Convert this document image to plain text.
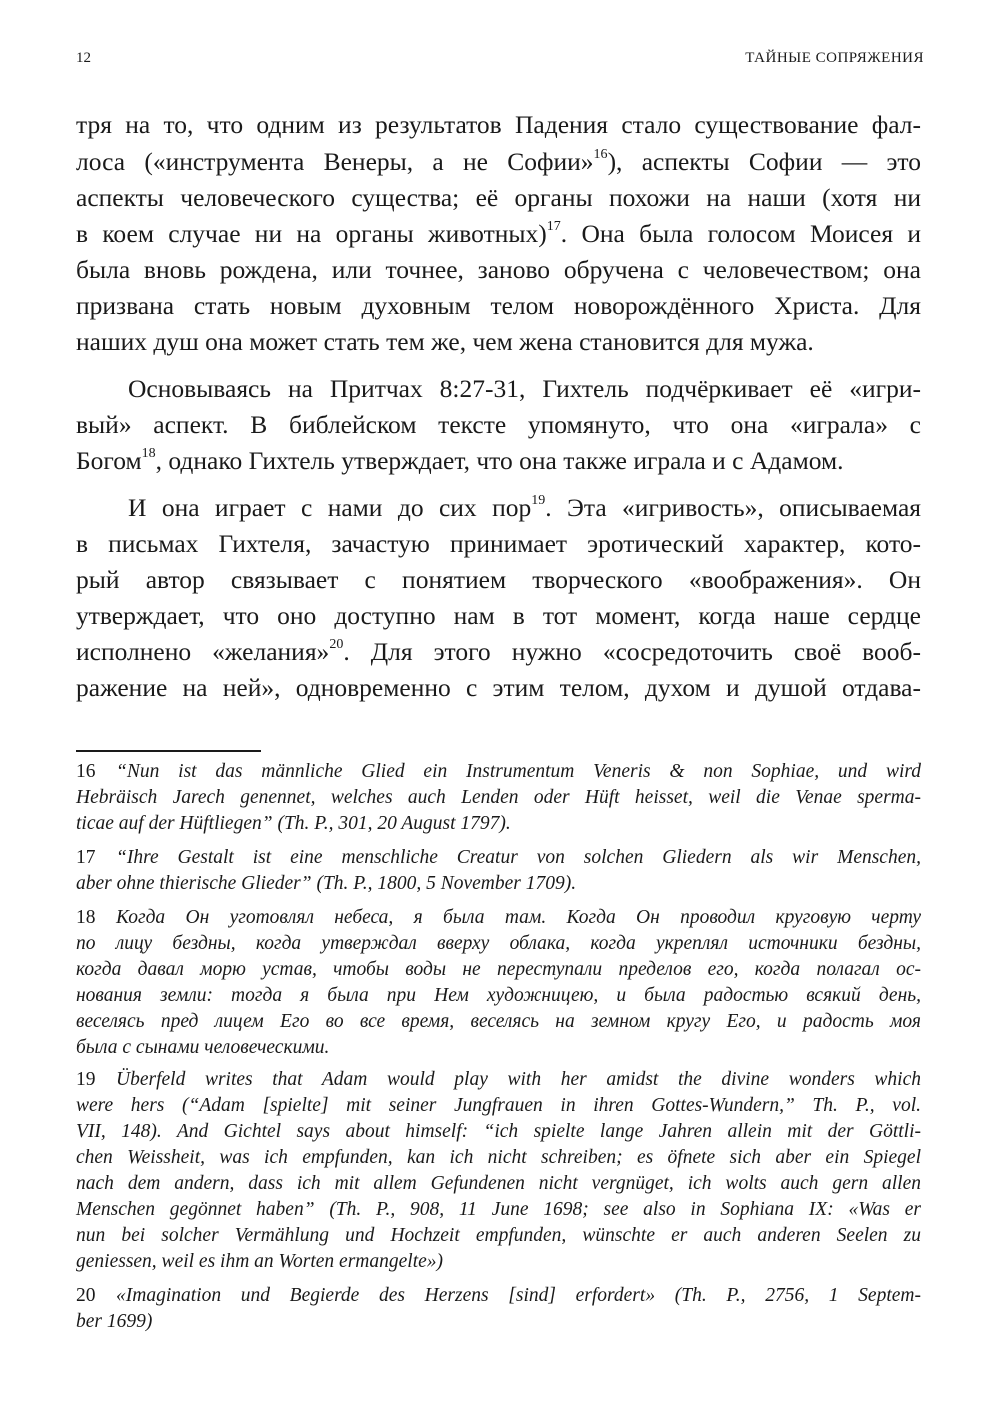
12	ТАЙНЫЕ СОПРЯЖЕНИЯ
тря на то, что одним из результатов Падения стало существование фал-
лоса («инструмента Венеры, а не Софии»$^{16}$), аспекты Софии — это
аспекты человеческого существа; её органы похожи на наши (хотя ни
в коем случае ни на органы животных)$^{17}$. Она была голосом Моисея и
была вновь рождена, или точнее, заново обручена с человечеством; она
призвана стать новым духовным телом новорождённого Христа. Для
наших душ она может стать тем же, чем жена становится для мужа.
Основываясь на Притчах 8:27-31, Гихтель подчёркивает её «игри-
вый» аспект. В библейском тексте упомянуто, что она «играла» с
Богом$^{18}$, однако Гихтель утверждает, что она также играла и с Адамом.
И она играет с нами до сих пор$^{19}$. Эта «игривость», описываемая
в письмах Гихтеля, зачастую принимает эротический характер, кото-
рый автор связывает с понятием творческого «воображения». Он
утверждает, что оно доступно нам в тот момент, когда наше сердце
исполнено «желания»$^{20}$. Для этого нужно «сосредоточить своё вооб-
ражение на ней», одновременно с этим телом, духом и душой отдава-
16 “Nun ist das männliche Glied ein Instrumentum Veneris & non Sophiae, und wird
Hebräisch Jarech genennet, welches auch Lenden oder Hüft heisset, weil die Venae sperma-
ticae auf der Hüftliegen” (Th. P., 301, 20 August 1797).
17 “Ihre Gestalt ist eine menschliche Creatur von solchen Gliedern als wir Menschen,
aber ohne thierische Glieder” (Th. P., 1800, 5 November 1709).
18 Когда Он уготовлял небеса, я была там. Когда Он проводил круговую черту
по лицу бездны, когда утверждал вверху облака, когда укреплял источники бездны,
когда давал морю устав, чтобы воды не переступали пределов его, когда полагал ос-
нования земли: тогда я была при Нем художницею, и была радостью всякий день,
веселясь пред лицем Его во все время, веселясь на земном кругу Его, и радость моя
была с сынами человеческими.
19 Überfeld writes that Adam would play with her amidst the divine wonders which
were hers (“Adam [spielte] mit seiner Jungfrauen in ihren Gottes-Wundern,” Th. P., vol.
VII, 148). And Gichtel says about himself: “ich spielte lange Jahren allein mit der Göttli-
chen Weissheit, was ich empfunden, kan ich nicht schreiben; es öfnete sich aber ein Spiegel
nach dem andern, dass ich mit allem Gefundenen nicht vergnüget, ich wolts auch gern allen
Menschen gegönnet haben” (Th. P., 908, 11 June 1698; see also in Sophiana IX: «Was er
nun bei solcher Vermählung und Hochzeit empfunden, wünschte er auch anderen Seelen zu
geniessen, weil es ihm an Worten ermangelte»)
20 «Imagination und Begierde des Herzens [sind] erfordert» (Th. P., 2756, 1 Septem-
ber 1699)
